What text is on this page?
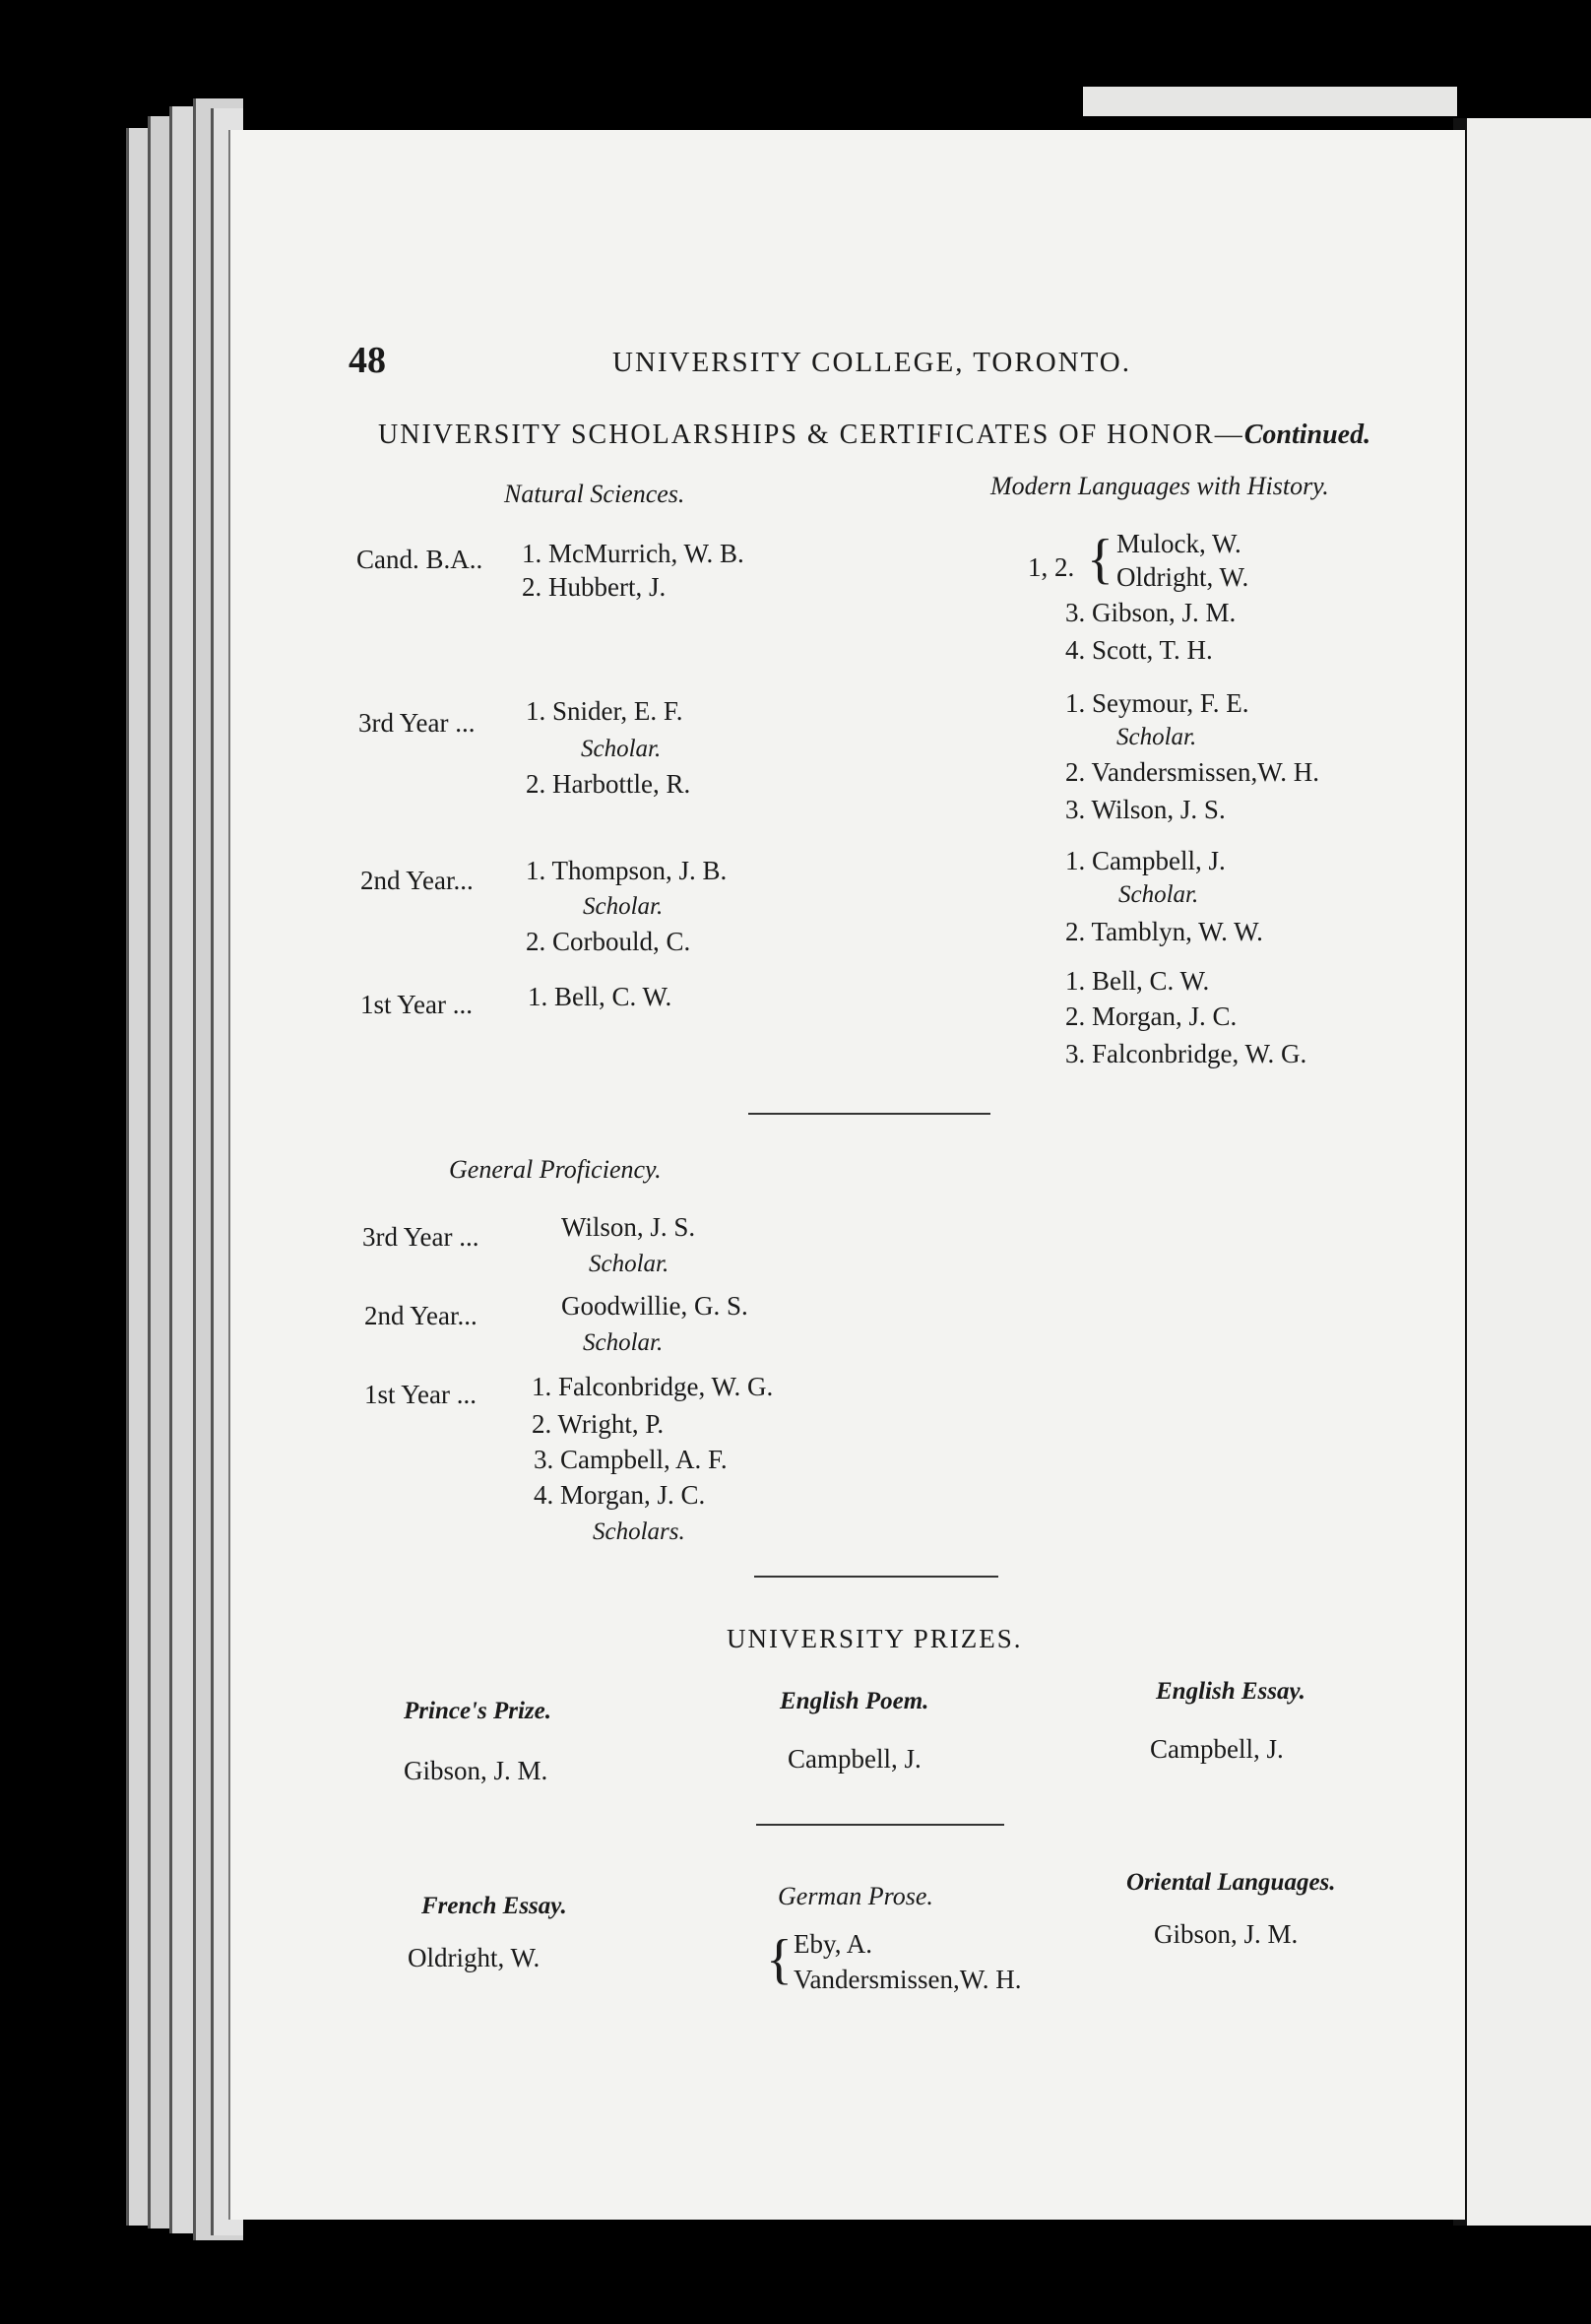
48	UNIVERSITY COLLEGE, TORONTO.
UNIVERSITY SCHOLARSHIPS & CERTIFICATES OF HONOR—Continued.
Natural Sciences.
Cand. B.A.. 1. McMurrich, W. B.
2. Hubbert, J.
3rd Year ... 1. Snider, E. F.
Scholar.
2. Harbottle, R.
2nd Year... 1. Thompson, J. B.
Scholar.
2. Corbould, C.
1st Year ... 1. Bell, C. W.
Modern Languages with History.
1, 2. { Mulock, W.
Oldright, W.
3. Gibson, J. M.
4. Scott, T. H.
1. Seymour, F. E.
Scholar.
2. Vandersmissen,W. H.
3. Wilson, J. S.
1. Campbell, J.
Scholar.
2. Tamblyn, W. W.
1. Bell, C. W.
2. Morgan, J. C.
3. Falconbridge, W. G.
General Proficiency.
3rd Year ...	Wilson, J. S.
Scholar.
2nd Year...	Goodwillie, G. S.
Scholar.
1st Year ... 1. Falconbridge, W. G.
2. Wright, P.
3. Campbell, A. F.
4. Morgan, J. C.
Scholars.
UNIVERSITY PRIZES.
Prince's Prize.
Gibson, J. M.
English Poem.
Campbell, J.
English Essay.
Campbell, J.
French Essay.
Oldright, W.
German Prose.
{ Eby, A.
Vandersmissen,W. H.
Oriental Languages.
Gibson, J. M.
